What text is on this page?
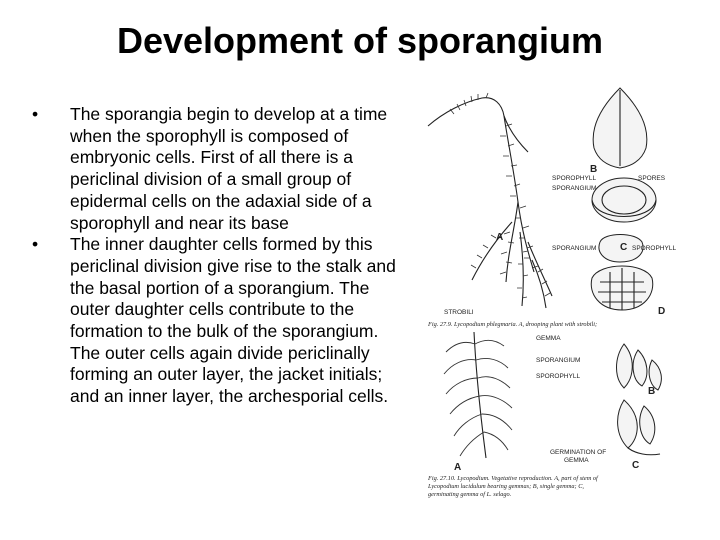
Development of sporangium
• The sporangia begin to develop at a time when the sporophyll is composed of embryonic cells. First of all there is a periclinal division of a small group of epidermal cells on the adaxial side of a sporophyll and near its base
• The inner daughter cells formed by this periclinal division give rise to the stalk and the basal portion of a sporangium. The outer daughter cells contribute to the formation to the bulk of the sporangium. The outer cells again divide periclinally forming an outer layer, the jacket initials; and an inner layer, the archesporial cells.
A
B
SPOROPHYLL	SPORES
SPORANGIUM
SPORANGIUM C SPOROPHYLL
STROBILI	D
Fig. 27.9. Lycopodium phlegmaria. A, drooping plant with strobili;
A
GEMMA
SPORANGIUM
SPOROPHYLL
B
GERMINATION OF
GEMMA	C
Fig. 27.10. Lycopodium. Vegetative reproduction. A, part of stem of
Lycopodium lucidulum bearing gemmas; B, single gemma; C,
germinating gemma of L. selago.
